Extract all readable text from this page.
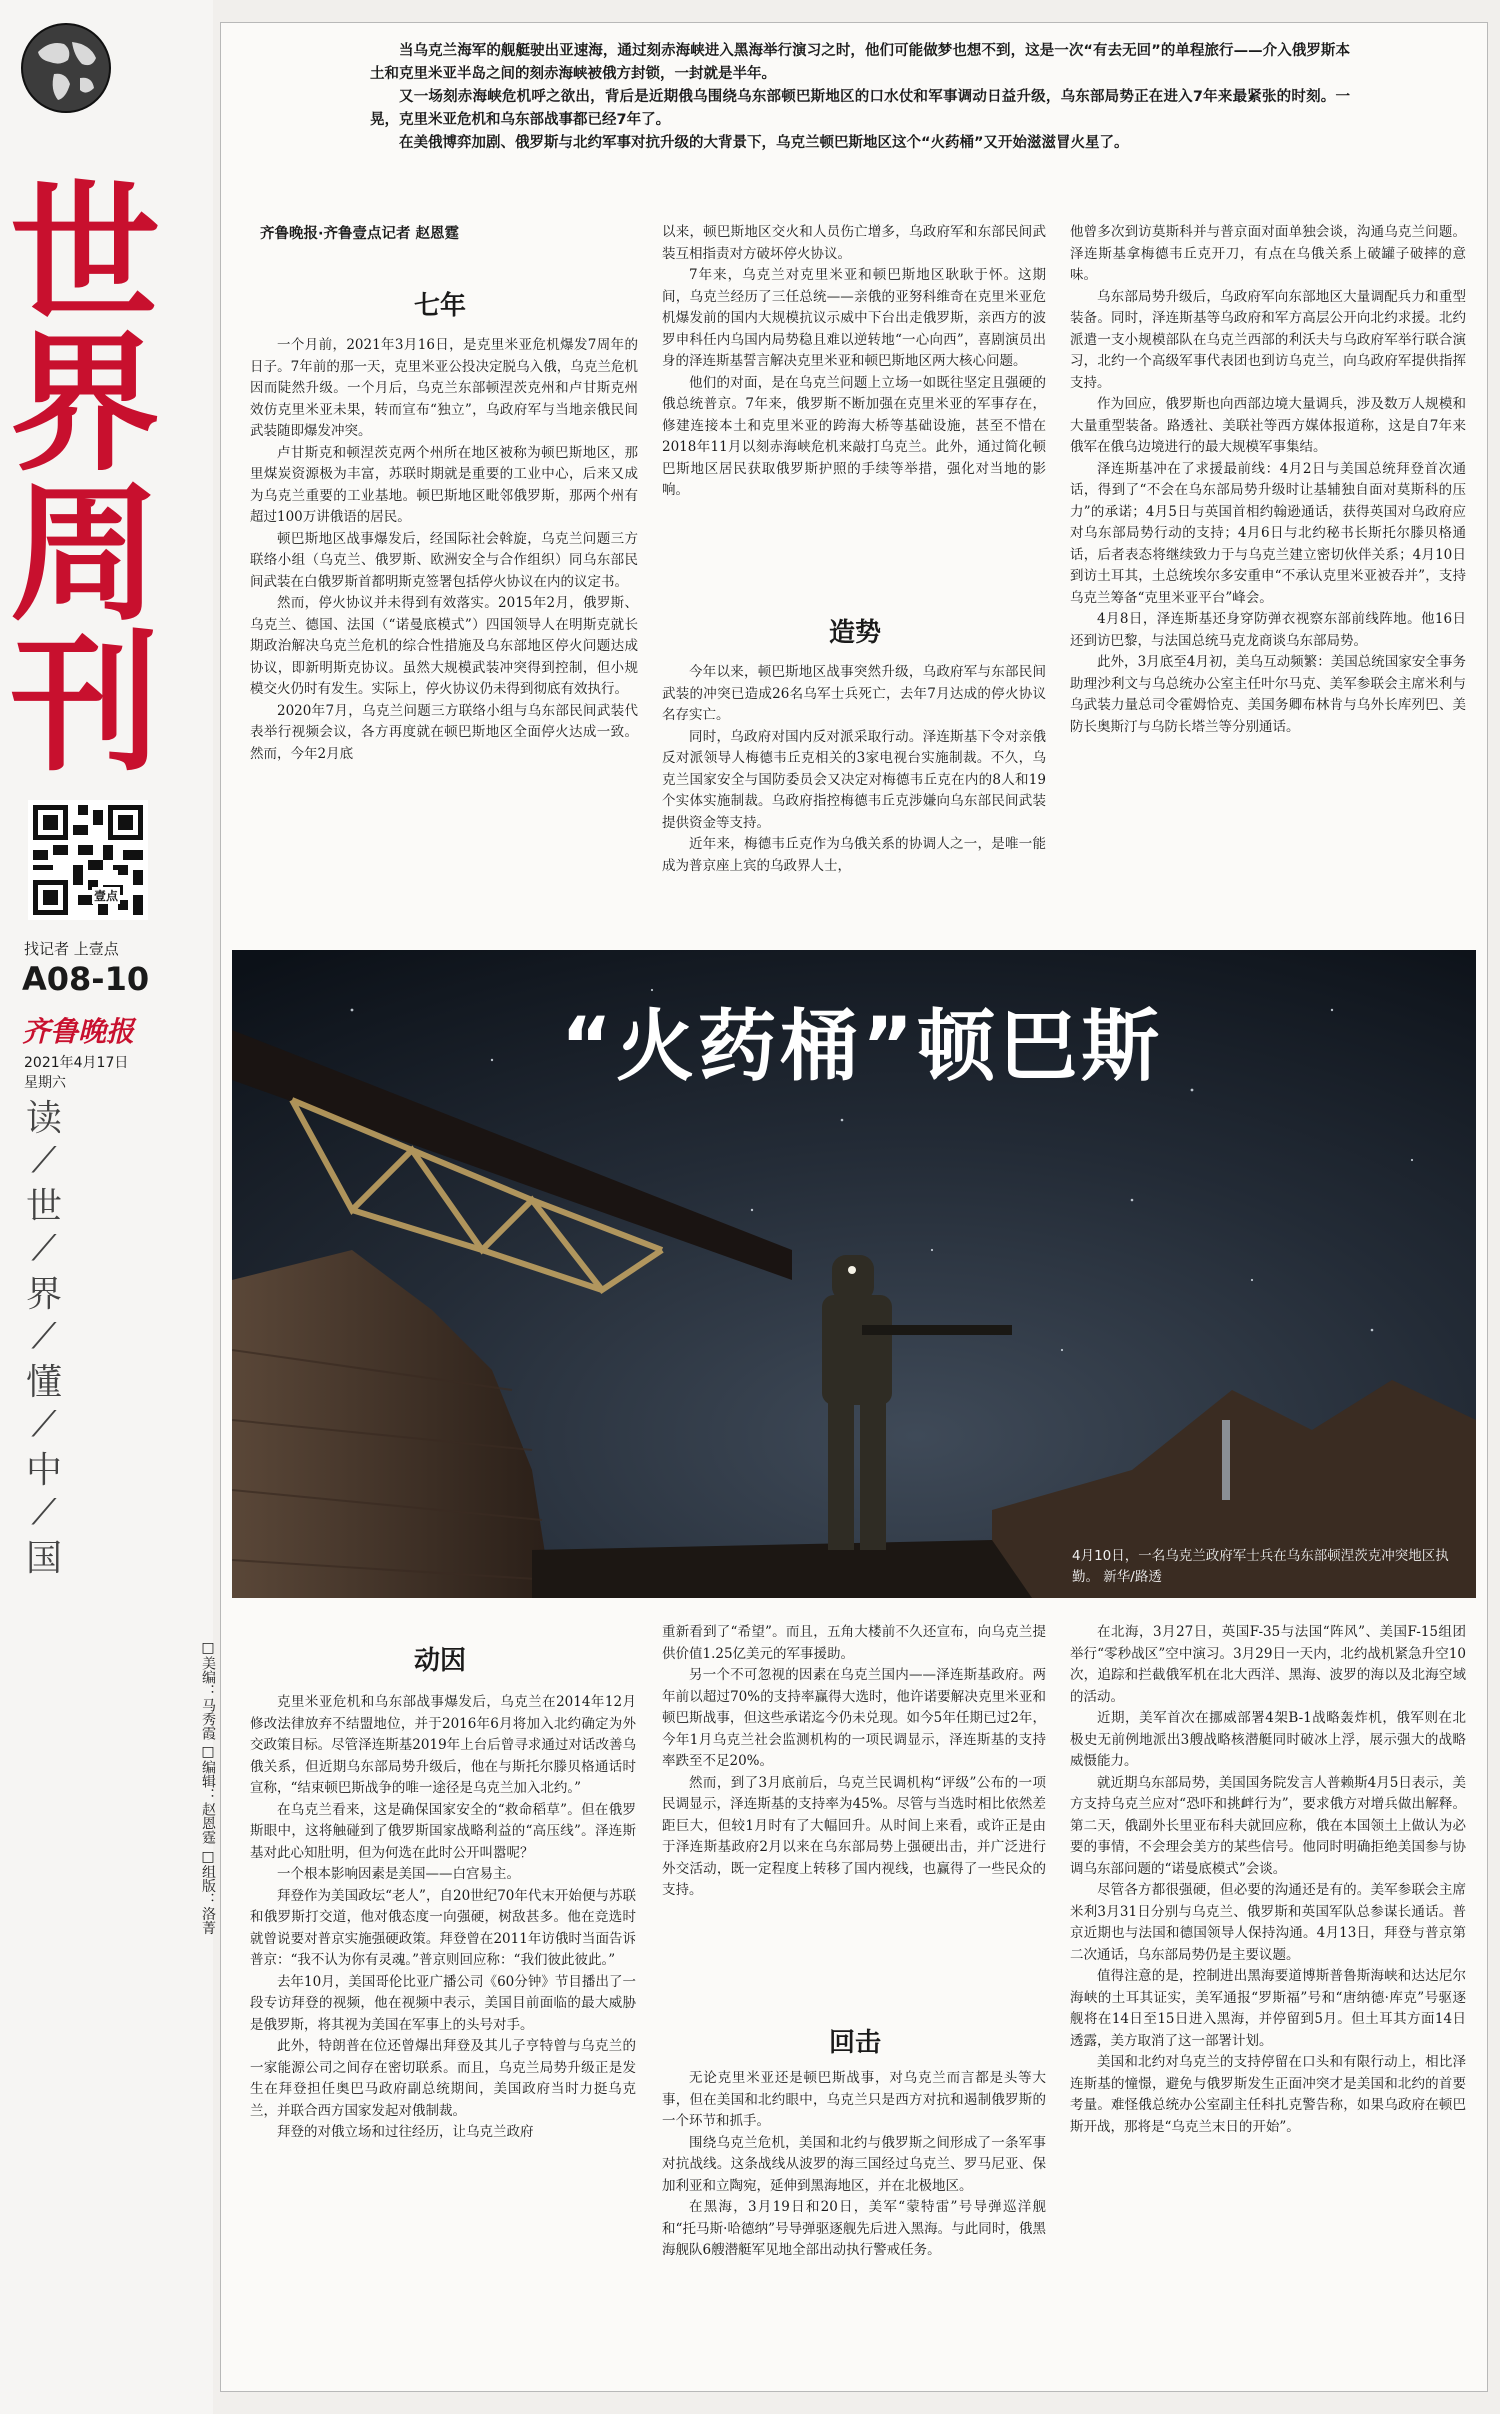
世界周刊
壹点
找记者 上壹点
A08-10
齐鲁晚报
2021年4月17日
星期六
读
⟋
世
⟋
界
⟋
懂
⟋
中
⟋
国
□美编：马秀霞 □编辑：赵恩霆 □组版：洛菁

当乌克兰海军的舰艇驶出亚速海，通过刻赤海峡进入黑海举行演习之时，他们可能做梦也想不到，这是一次“有去无回”的单程旅行——介入俄罗斯本土和克里米亚半岛之间的刻赤海峡被俄方封锁，一封就是半年。

又一场刻赤海峡危机呼之欲出，背后是近期俄乌围绕乌东部顿巴斯地区的口水仗和军事调动日益升级，乌东部局势正在进入7年来最紧张的时刻。一晃，克里米亚危机和乌东部战事都已经7年了。

在美俄博弈加剧、俄罗斯与北约军事对抗升级的大背景下，乌克兰顿巴斯地区这个“火药桶”又开始滋滋冒火星了。

齐鲁晚报·齐鲁壹点记者 赵恩霆
七年

一个月前，2021年3月16日，是克里米亚危机爆发7周年的日子。7年前的那一天，克里米亚公投决定脱乌入俄，乌克兰危机因而陡然升级。一个月后，乌克兰东部顿涅茨克州和卢甘斯克州效仿克里米亚未果，转而宣布“独立”，乌政府军与当地亲俄民间武装随即爆发冲突。

卢甘斯克和顿涅茨克两个州所在地区被称为顿巴斯地区，那里煤炭资源极为丰富，苏联时期就是重要的工业中心，后来又成为乌克兰重要的工业基地。顿巴斯地区毗邻俄罗斯，那两个州有超过100万讲俄语的居民。

顿巴斯地区战事爆发后，经国际社会斡旋，乌克兰问题三方联络小组（乌克兰、俄罗斯、欧洲安全与合作组织）同乌东部民间武装在白俄罗斯首都明斯克签署包括停火协议在内的议定书。

然而，停火协议并未得到有效落实。2015年2月，俄罗斯、乌克兰、德国、法国（“诺曼底模式”）四国领导人在明斯克就长期政治解决乌克兰危机的综合性措施及乌东部地区停火问题达成协议，即新明斯克协议。虽然大规模武装冲突得到控制，但小规模交火仍时有发生。实际上，停火协议仍未得到彻底有效执行。

2020年7月，乌克兰问题三方联络小组与乌东部民间武装代表举行视频会议，各方再度就在顿巴斯地区全面停火达成一致。然而，今年2月底

以来，顿巴斯地区交火和人员伤亡增多，乌政府军和东部民间武装互相指责对方破坏停火协议。

7年来，乌克兰对克里米亚和顿巴斯地区耿耿于怀。这期间，乌克兰经历了三任总统——亲俄的亚努科维奇在克里米亚危机爆发前的国内大规模抗议示威中下台出走俄罗斯，亲西方的波罗申科任内乌国内局势稳且难以逆转地“一心向西”，喜剧演员出身的泽连斯基誓言解决克里米亚和顿巴斯地区两大核心问题。

他们的对面，是在乌克兰问题上立场一如既往坚定且强硬的俄总统普京。7年来，俄罗斯不断加强在克里米亚的军事存在，修建连接本土和克里米亚的跨海大桥等基础设施，甚至不惜在2018年11月以刻赤海峡危机来敲打乌克兰。此外，通过简化顿巴斯地区居民获取俄罗斯护照的手续等举措，强化对当地的影响。

造势

今年以来，顿巴斯地区战事突然升级，乌政府军与东部民间武装的冲突已造成26名乌军士兵死亡，去年7月达成的停火协议名存实亡。

同时，乌政府对国内反对派采取行动。泽连斯基下令对亲俄反对派领导人梅德韦丘克相关的3家电视台实施制裁。不久，乌克兰国家安全与国防委员会又决定对梅德韦丘克在内的8人和19个实体实施制裁。乌政府指控梅德韦丘克涉嫌向乌东部民间武装提供资金等支持。

近年来，梅德韦丘克作为乌俄关系的协调人之一，是唯一能成为普京座上宾的乌政界人士，

他曾多次到访莫斯科并与普京面对面单独会谈，沟通乌克兰问题。泽连斯基拿梅德韦丘克开刀，有点在乌俄关系上破罐子破摔的意味。

乌东部局势升级后，乌政府军向东部地区大量调配兵力和重型装备。同时，泽连斯基等乌政府和军方高层公开向北约求援。北约派遣一支小规模部队在乌克兰西部的利沃夫与乌政府军举行联合演习，北约一个高级军事代表团也到访乌克兰，向乌政府军提供指挥支持。

作为回应，俄罗斯也向西部边境大量调兵，涉及数万人规模和大量重型装备。路透社、美联社等西方媒体报道称，这是自7年来俄军在俄乌边境进行的最大规模军事集结。

泽连斯基冲在了求援最前线：4月2日与美国总统拜登首次通话，得到了“不会在乌东部局势升级时让基辅独自面对莫斯科的压力”的承诺；4月5日与英国首相约翰逊通话，获得英国对乌政府应对乌东部局势行动的支持；4月6日与北约秘书长斯托尔滕贝格通话，后者表态将继续致力于与乌克兰建立密切伙伴关系；4月10日到访土耳其，土总统埃尔多安重申“不承认克里米亚被吞并”，支持乌克兰筹备“克里米亚平台”峰会。

4月8日，泽连斯基还身穿防弹衣视察东部前线阵地。他16日还到访巴黎，与法国总统马克龙商谈乌东部局势。

此外，3月底至4月初，美乌互动频繁：美国总统国家安全事务助理沙利文与乌总统办公室主任叶尔马克、美军参联会主席米利与乌武装力量总司令霍姆恰克、美国务卿布林肯与乌外长库列巴、美防长奥斯汀与乌防长塔兰等分别通话。

“火药桶”顿巴斯
4月10日，一名乌克兰政府军士兵在乌东部顿涅茨克冲突地区执勤。 新华/路透
动因

克里米亚危机和乌东部战事爆发后，乌克兰在2014年12月修改法律放弃不结盟地位，并于2016年6月将加入北约确定为外交政策目标。尽管泽连斯基2019年上台后曾寻求通过对话改善乌俄关系，但近期乌东部局势升级后，他在与斯托尔滕贝格通话时宣称，“结束顿巴斯战争的唯一途径是乌克兰加入北约。”

在乌克兰看来，这是确保国家安全的“救命稻草”。但在俄罗斯眼中，这将触碰到了俄罗斯国家战略利益的“高压线”。泽连斯基对此心知肚明，但为何选在此时公开叫嚣呢？

一个根本影响因素是美国——白宫易主。

拜登作为美国政坛“老人”，自20世纪70年代末开始便与苏联和俄罗斯打交道，他对俄态度一向强硬，树敌甚多。他在竞选时就曾说要对普京实施强硬政策。拜登曾在2011年访俄时当面告诉普京：“我不认为你有灵魂。”普京则回应称：“我们彼此彼此。”

去年10月，美国哥伦比亚广播公司《60分钟》节目播出了一段专访拜登的视频，他在视频中表示，美国目前面临的最大威胁是俄罗斯，将其视为美国在军事上的头号对手。

此外，特朗普在位还曾爆出拜登及其儿子亨特曾与乌克兰的一家能源公司之间存在密切联系。而且，乌克兰局势升级正是发生在拜登担任奥巴马政府副总统期间，美国政府当时力挺乌克兰，并联合西方国家发起对俄制裁。

拜登的对俄立场和过往经历，让乌克兰政府

重新看到了“希望”。而且，五角大楼前不久还宣布，向乌克兰提供价值1.25亿美元的军事援助。

另一个不可忽视的因素在乌克兰国内——泽连斯基政府。两年前以超过70%的支持率赢得大选时，他许诺要解决克里米亚和顿巴斯战事，但这些承诺迄今仍未兑现。如今5年任期已过2年，今年1月乌克兰社会监测机构的一项民调显示，泽连斯基的支持率跌至不足20%。

然而，到了3月底前后，乌克兰民调机构“评级”公布的一项民调显示，泽连斯基的支持率为45%。尽管与当选时相比依然差距巨大，但较1月时有了大幅回升。从时间上来看，或许正是由于泽连斯基政府2月以来在乌东部局势上强硬出击，并广泛进行外交活动，既一定程度上转移了国内视线，也赢得了一些民众的支持。

回击

无论克里米亚还是顿巴斯战事，对乌克兰而言都是头等大事，但在美国和北约眼中，乌克兰只是西方对抗和遏制俄罗斯的一个环节和抓手。

围绕乌克兰危机，美国和北约与俄罗斯之间形成了一条军事对抗战线。这条战线从波罗的海三国经过乌克兰、罗马尼亚、保加利亚和立陶宛，延伸到黑海地区，并在北极地区。

在黑海，3月19日和20日，美军“蒙特雷”号导弹巡洋舰和“托马斯·哈德纳”号导弹驱逐舰先后进入黑海。与此同时，俄黑海舰队6艘潜艇军见地全部出动执行警戒任务。

在北海，3月27日，英国F-35与法国“阵风”、美国F-15组团举行“零秒战区”空中演习。3月29日一天内，北约战机紧急升空10次，追踪和拦截俄军机在北大西洋、黑海、波罗的海以及北海空域的活动。

近期，美军首次在挪威部署4架B-1战略轰炸机，俄军则在北极史无前例地派出3艘战略核潜艇同时破冰上浮，展示强大的战略威慑能力。

就近期乌东部局势，美国国务院发言人普赖斯4月5日表示，美方支持乌克兰应对“恐吓和挑衅行为”，要求俄方对增兵做出解释。第二天，俄副外长里亚布科夫就回应称，俄在本国领土上做认为必要的事情，不会理会美方的某些信号。他同时明确拒绝美国参与协调乌东部问题的“诺曼底模式”会谈。

尽管各方都很强硬，但必要的沟通还是有的。美军参联会主席米利3月31日分别与乌克兰、俄罗斯和英国军队总参谋长通话。普京近期也与法国和德国领导人保持沟通。4月13日，拜登与普京第二次通话，乌东部局势仍是主要议题。

值得注意的是，控制进出黑海要道博斯普鲁斯海峡和达达尼尔海峡的土耳其证实，美军通报“罗斯福”号和“唐纳德·库克”号驱逐舰将在14日至15日进入黑海，并停留到5月。但土耳其方面14日透露，美方取消了这一部署计划。

美国和北约对乌克兰的支持停留在口头和有限行动上，相比泽连斯基的憧憬，避免与俄罗斯发生正面冲突才是美国和北约的首要考量。难怪俄总统办公室副主任科扎克警告称，如果乌政府在顿巴斯开战，那将是“乌克兰末日的开始”。
